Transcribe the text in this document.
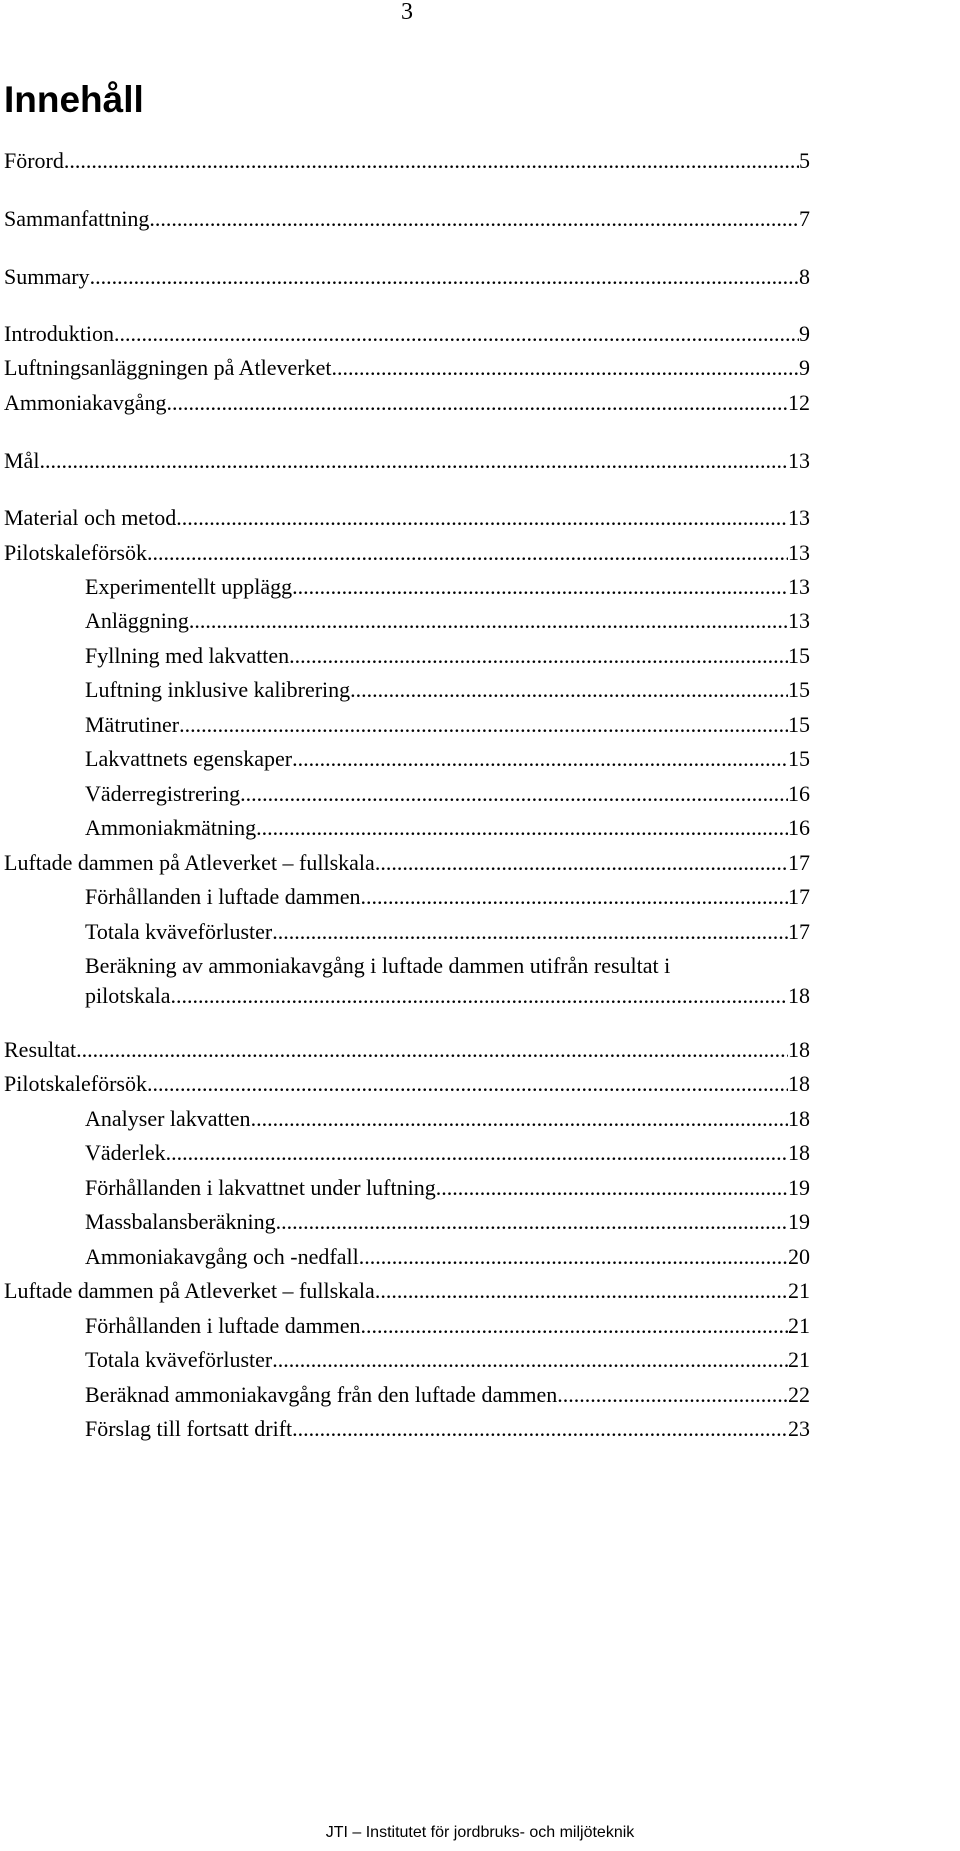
3
Innehåll
Förord .....	5
Sammanfattning .....	7
Summary .....	8
Introduktion .....	9
Luftningsanläggningen på Atleverket .....	9
Ammoniakavgång .....	12
Mål .....	13
Material och metod .....	13
Pilotskaleförsök .....	13
Experimentellt upplägg .....	13
Anläggning .....	13
Fyllning med lakvatten .....	15
Luftning inklusive kalibrering .....	15
Mätrutiner .....	15
Lakvattnets egenskaper .....	15
Väderregistrering .....	16
Ammoniakmätning .....	16
Luftade dammen på Atleverket – fullskala .....	17
Förhållanden i luftade dammen .....	17
Totala kväveförluster .....	17
Beräkning av ammoniakavgång i luftade dammen utifrån resultat i
pilotskala .....	18
Resultat .....	18
Pilotskaleförsök .....	18
Analyser lakvatten .....	18
Väderlek .....	18
Förhållanden i lakvattnet under luftning .....	19
Massbalansberäkning .....	19
Ammoniakavgång och -nedfall .....	20
Luftade dammen på Atleverket – fullskala .....	21
Förhållanden i luftade dammen .....	21
Totala kväveförluster .....	21
Beräknad ammoniakavgång från den luftade dammen .....	22
Förslag till fortsatt drift .....	23
JTI – Institutet för jordbruks- och miljöteknik
